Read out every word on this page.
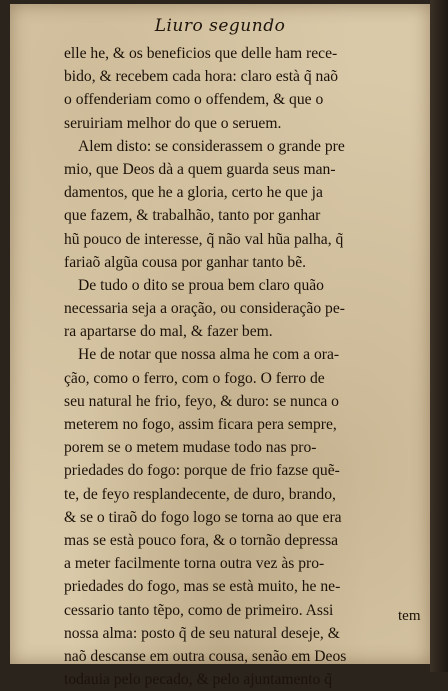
Liuro segundo
elle he, & os beneficios que delle ham rece-
bido, & recebem cada hora: claro està q̃ naõ
o offenderiam como o offendem, & que o
seruiriam melhor do que o seruem.
Alem disto: se considerassem o grande pre
mio, que Deos dà a quem guarda seus man-
damentos, que he a gloria, certo he que ja
que fazem, & trabalhão, tanto por ganhar
hũ pouco de interesse, q̃ não val hũa palha, q̃
fariaõ algũa cousa por ganhar tanto bẽ.
De tudo o dito se proua bem claro quão
necessaria seja a oração, ou consideração pe-
ra apartarse do mal, & fazer bem.
He de notar que nossa alma he com a ora-
ção, como o ferro, com o fogo. O ferro de
seu natural he frio, feyo, & duro: se nunca o
meterem no fogo, assim ficara pera sempre,
porem se o metem mudase todo nas pro-
priedades do fogo: porque de frio fazse quẽ-
te, de feyo resplandecente, de duro, brando,
& se o tiraõ do fogo logo se torna ao que era
mas se està pouco fora, & o tornão depressa
a meter facilmente torna outra vez às pro-
priedades do fogo, mas se està muito, he ne-
cessario tanto tẽpo, como de primeiro. Assi
nossa alma: posto q̃ de seu natural deseje, &
naõ descanse em outra cousa, senão em Deos
todauia pelo pecado, & pelo ajuntamento q̃
tem
